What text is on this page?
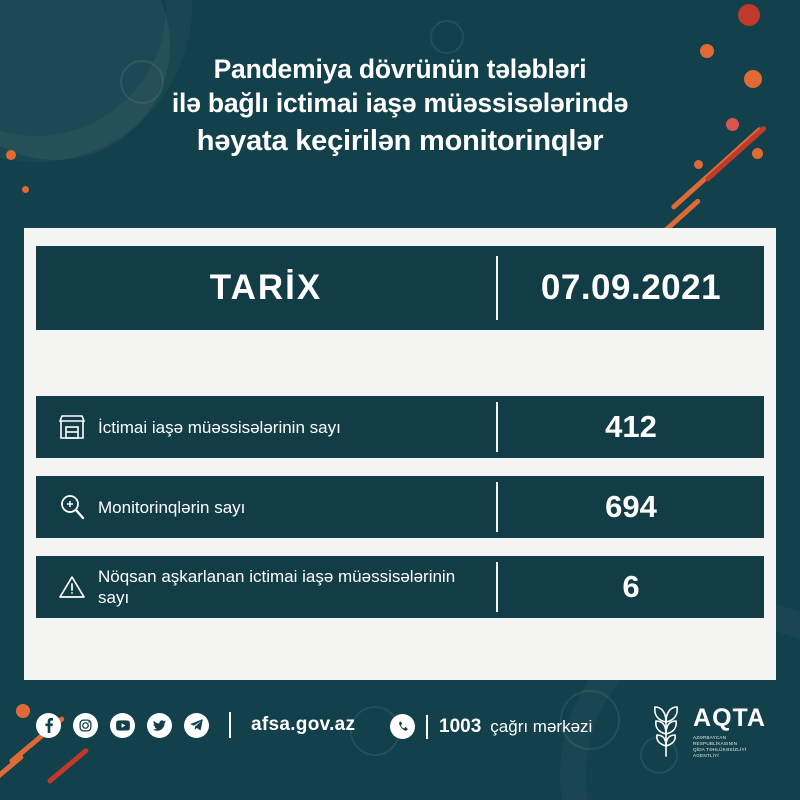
Pandemiya dövrünün tələbləri
ilə bağlı ictimai iaşə müəssisələrində
həyata keçirilən monitorinqlər
TARİX	07.09.2021
İctimai iaşə müəssisələrinin sayı	412
Monitorinqlərin sayı	694
Nöqsan aşkarlanan ictimai iaşə müəssisələrinin sayı	6
afsa.gov.az	1003 çağrı mərkəzi	AQTA
AZƏRBAYCAN
RESPUBLİKASININ
QİDA TƏHLÜKƏSİZLİYİ
AGENTLİYİ
